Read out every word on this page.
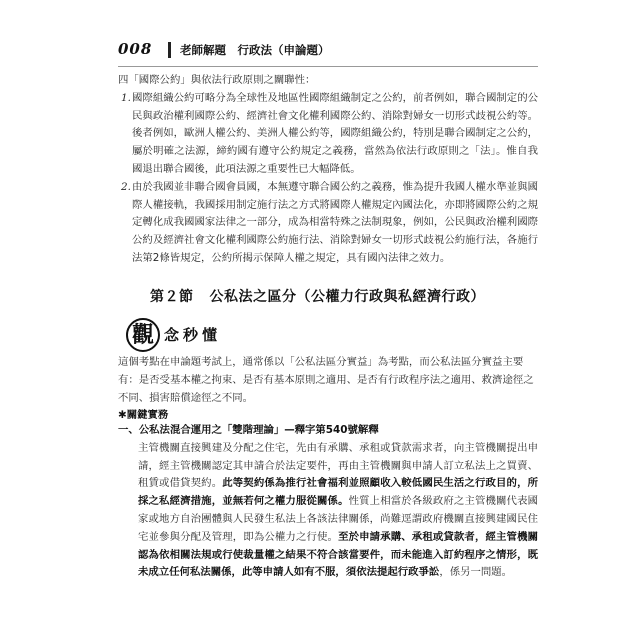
008 老師解題　行政法（申論題）
四「國際公約」與依法行政原則之關聯性：
1. 國際組織公約可略分為全球性及地區性國際組織制定之公約，前者例如，聯合國制定的公民與政治權利國際公約、經濟社會文化權利國際公約、消除對婦女一切形式歧視公約等。後者例如，歐洲人權公約、美洲人權公約等，國際組織公約，特別是聯合國制定之公約，屬於明確之法源，締約國有遵守公約規定之義務，當然為依法行政原則之「法」。惟自我國退出聯合國後，此項法源之重要性已大幅降低。
2. 由於我國並非聯合國會員國，本無遵守聯合國公約之義務，惟為提升我國人權水準並與國際人權接軌，我國採用制定施行法之方式將國際人權規定內國法化，亦即將國際公約之規定轉化成我國國家法律之一部分，成為相當特殊之法制現象，例如，公民與政治權利國際公約及經濟社會文化權利國際公約施行法、消除對婦女一切形式歧視公約施行法，各施行法第2條皆規定，公約所揭示保障人權之規定，具有國內法律之效力。
第２節 公私法之區分（公權力行政與私經濟行政）
觀 念秒懂
這個考點在申論題考試上，通常係以「公私法區分實益」為考點，而公私法區分實益主要有：是否受基本權之拘束、是否有基本原則之適用、是否有行政程序法之適用、救濟途徑之不同、損害賠償途徑之不同。
✱關鍵實務
一、公私法混合運用之「雙階理論」—釋字第540號解釋
主管機關直接興建及分配之住宅，先由有承購、承租或貸款需求者，向主管機關提出申請，經主管機關認定其申請合於法定要件，再由主管機關與申請人訂立私法上之買賣、租賃或借貸契約。此等契約係為推行社會福利並照顧收入較低國民生活之行政目的，所採之私經濟措施，並無若何之權力服從關係。性質上相當於各級政府之主管機關代表國家或地方自治團體與人民發生私法上各該法律關係，尚難逕謂政府機關直接興建國民住宅並參與分配及管理，即為公權力之行使。至於申請承購、承租或貸款者，經主管機關認為依相關法規或行使裁量權之結果不符合該當要件，而未能進入訂約程序之情形，既未成立任何私法關係，此等申請人如有不服，須依法提起行政爭訟，係另一問題。
